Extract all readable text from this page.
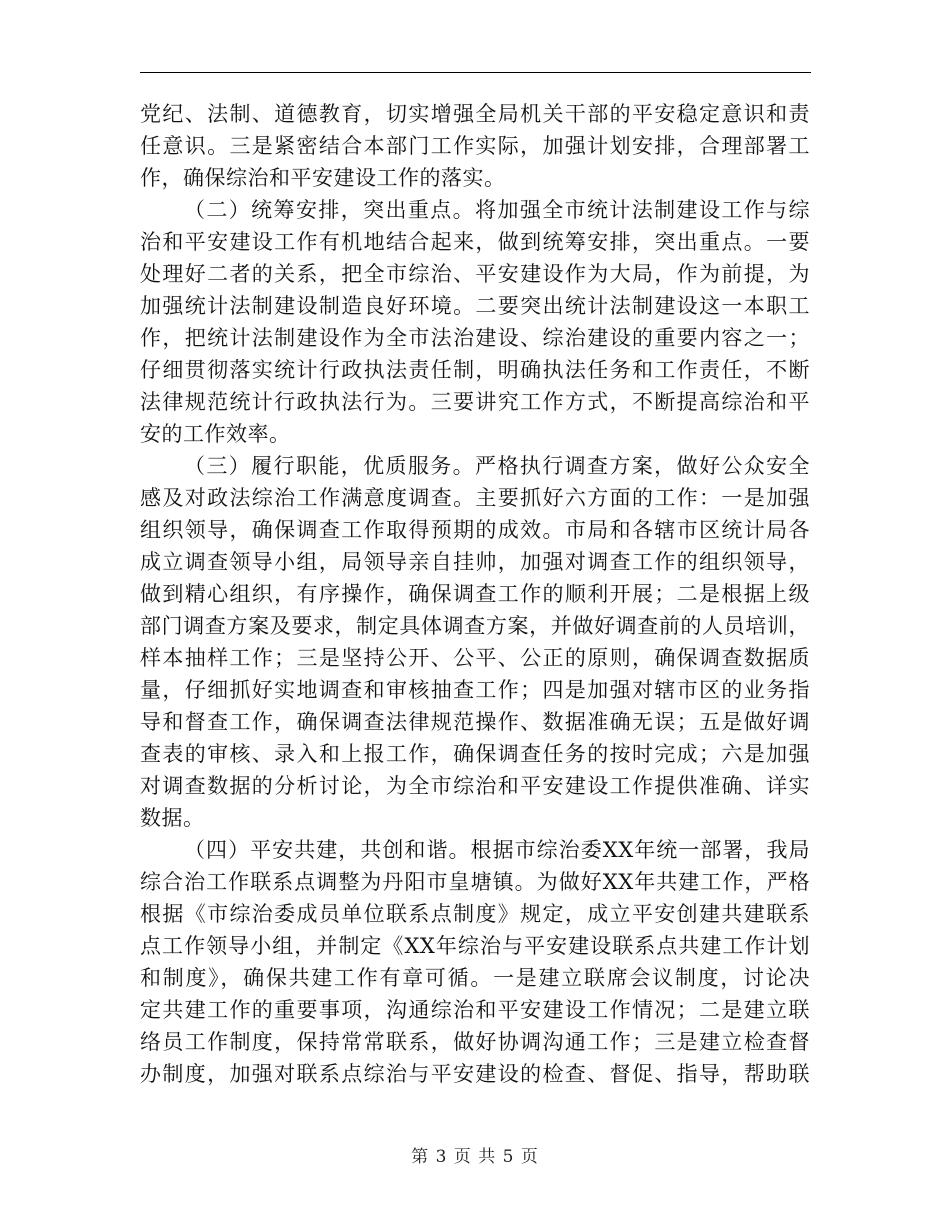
党纪、法制、道德教育，切实增强全局机关干部的平安稳定意识和责
任意识。三是紧密结合本部门工作实际，加强计划安排，合理部署工
作，确保综治和平安建设工作的落实。
（二）统筹安排，突出重点。将加强全市统计法制建设工作与综
治和平安建设工作有机地结合起来，做到统筹安排，突出重点。一要
处理好二者的关系，把全市综治、平安建设作为大局，作为前提，为
加强统计法制建设制造良好环境。二要突出统计法制建设这一本职工
作，把统计法制建设作为全市法治建设、综治建设的重要内容之一；
仔细贯彻落实统计行政执法责任制，明确执法任务和工作责任，不断
法律规范统计行政执法行为。三要讲究工作方式，不断提高综治和平
安的工作效率。
（三）履行职能，优质服务。严格执行调查方案，做好公众安全
感及对政法综治工作满意度调查。主要抓好六方面的工作：一是加强
组织领导，确保调查工作取得预期的成效。市局和各辖市区统计局各
成立调查领导小组，局领导亲自挂帅，加强对调查工作的组织领导，
做到精心组织，有序操作，确保调查工作的顺利开展；二是根据上级
部门调查方案及要求，制定具体调查方案，并做好调查前的人员培训，
样本抽样工作；三是坚持公开、公平、公正的原则，确保调查数据质
量，仔细抓好实地调查和审核抽查工作；四是加强对辖市区的业务指
导和督查工作，确保调查法律规范操作、数据准确无误；五是做好调
查表的审核、录入和上报工作，确保调查任务的按时完成；六是加强
对调查数据的分析讨论，为全市综治和平安建设工作提供准确、详实
数据。
（四）平安共建，共创和谐。根据市综治委XX年统一部署，我局
综合治工作联系点调整为丹阳市皇塘镇。为做好XX年共建工作，严格
根据《市综治委成员单位联系点制度》规定，成立平安创建共建联系
点工作领导小组，并制定《XX年综治与平安建设联系点共建工作计划
和制度》，确保共建工作有章可循。一是建立联席会议制度，讨论决
定共建工作的重要事项，沟通综治和平安建设工作情况；二是建立联
络员工作制度，保持常常联系，做好协调沟通工作；三是建立检查督
办制度，加强对联系点综治与平安建设的检查、督促、指导，帮助联
第 3 页 共 5 页
